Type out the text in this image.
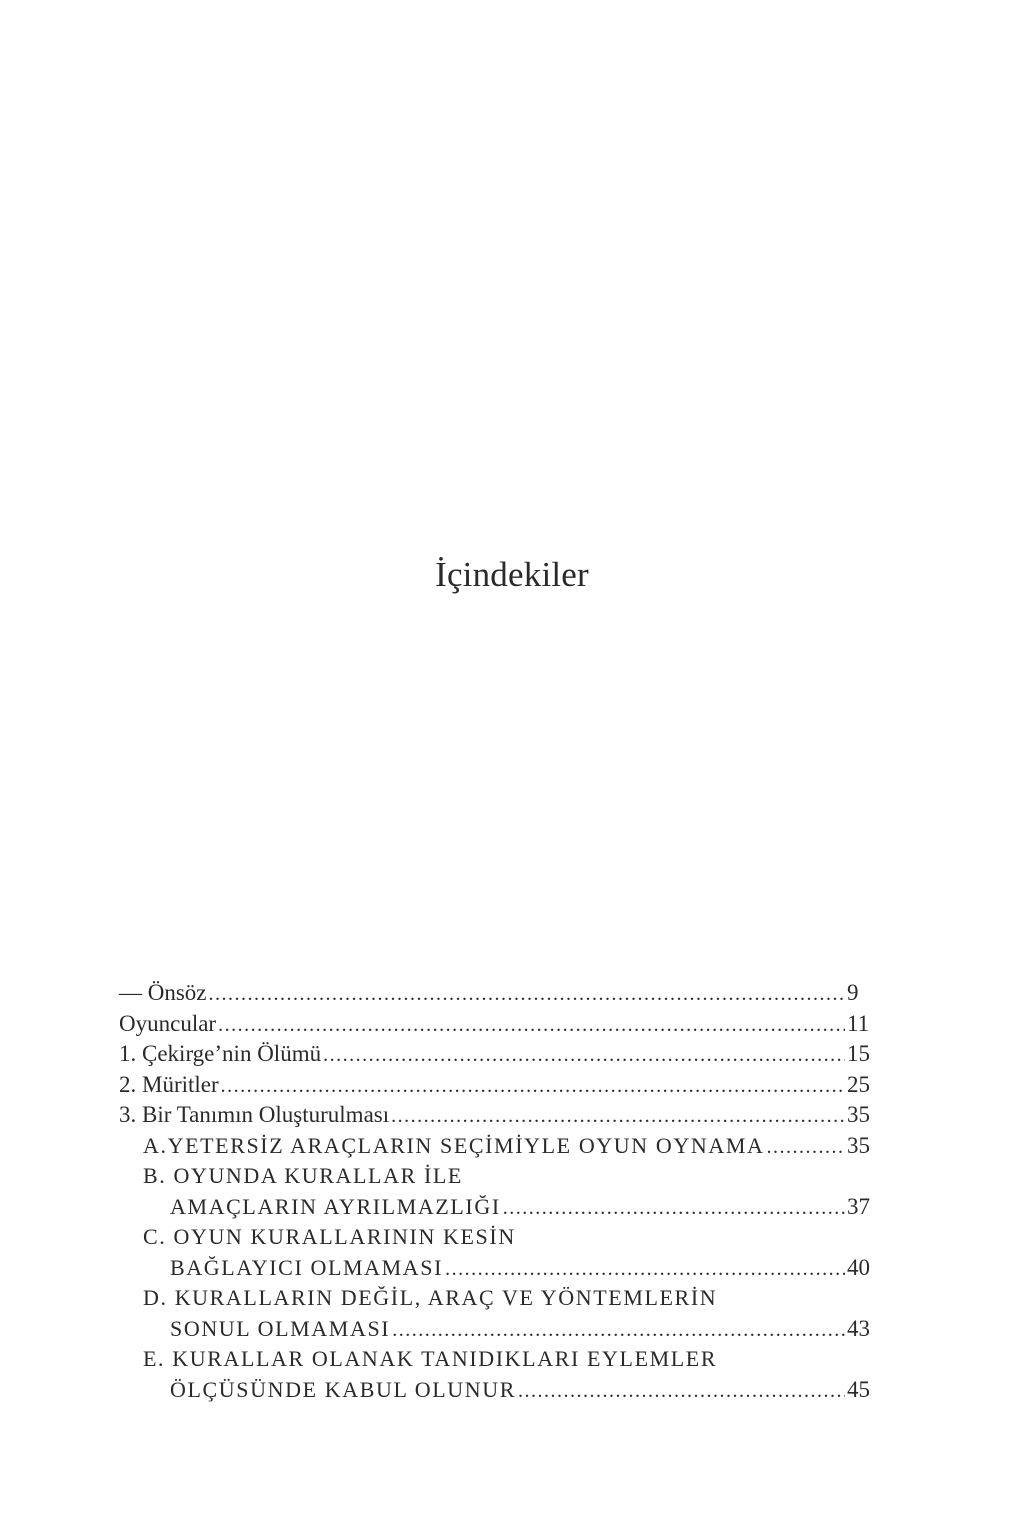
İçindekiler
— Önsöz .....	9
Oyuncular .....	11
1. Çekirge’nin Ölümü .....	15
2. Müritler .....	25
3. Bir Tanımın Oluşturulması .....	35
A.YETERSİZ ARAÇLARIN SEÇİMİYLE OYUN OYNAMA .....	35
B. OYUNDA KURALLAR İLE
AMAÇLARIN AYRILMAZLIĞI .....	37
C. OYUN KURALLARININ KESİN
BAĞLAYICI OLMAMASI .....	40
D. KURALLARIN DEĞİL, ARAÇ VE YÖNTEMLERİN
SONUL OLMAMASI .....	43
E. KURALLAR OLANAK TANIDIKLARI EYLEMLER
ÖLÇÜSÜNDE KABUL OLUNUR .....	45
